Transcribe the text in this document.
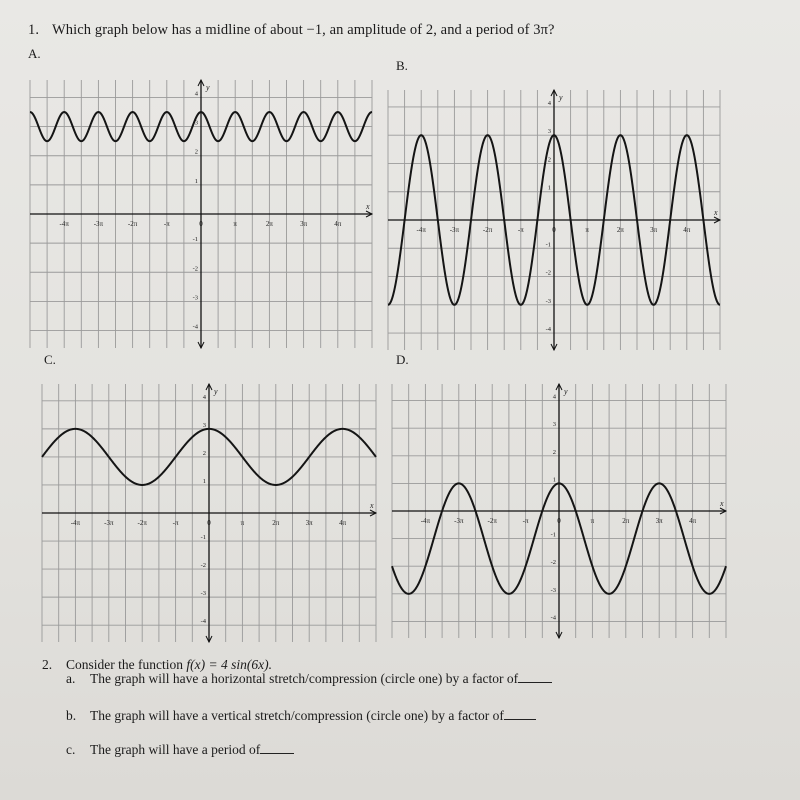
1. Which graph below has a midline of about −1, an amplitude of 2, and a period of 3π?
A.
B.
C.	D.
-4π	-3π	-2π	-π	0	π	2π	3π	4π
4
3
2
1
-1
-2
-3
-4
x
y
-4π	-3π	-2π	-π	0	π	2π	3π	4π
4
3
2
1
-1
-2
-3
-4
x
y
-4π	-3π	-2π	-π	0	π	2π	3π	4π
4
3
2
1
-1
-2
-3
-4
x
y
-4π	-3π	-2π	-π	0	π	2π	3π	4π
4
3
2
1
-1
-2
-3
-4
x
y
2. Consider the function f(x) = 4 sin(6x).
a. The graph will have a horizontal stretch/compression (circle one) by a factor of
b. The graph will have a vertical stretch/compression (circle one) by a factor of
c. The graph will have a period of
